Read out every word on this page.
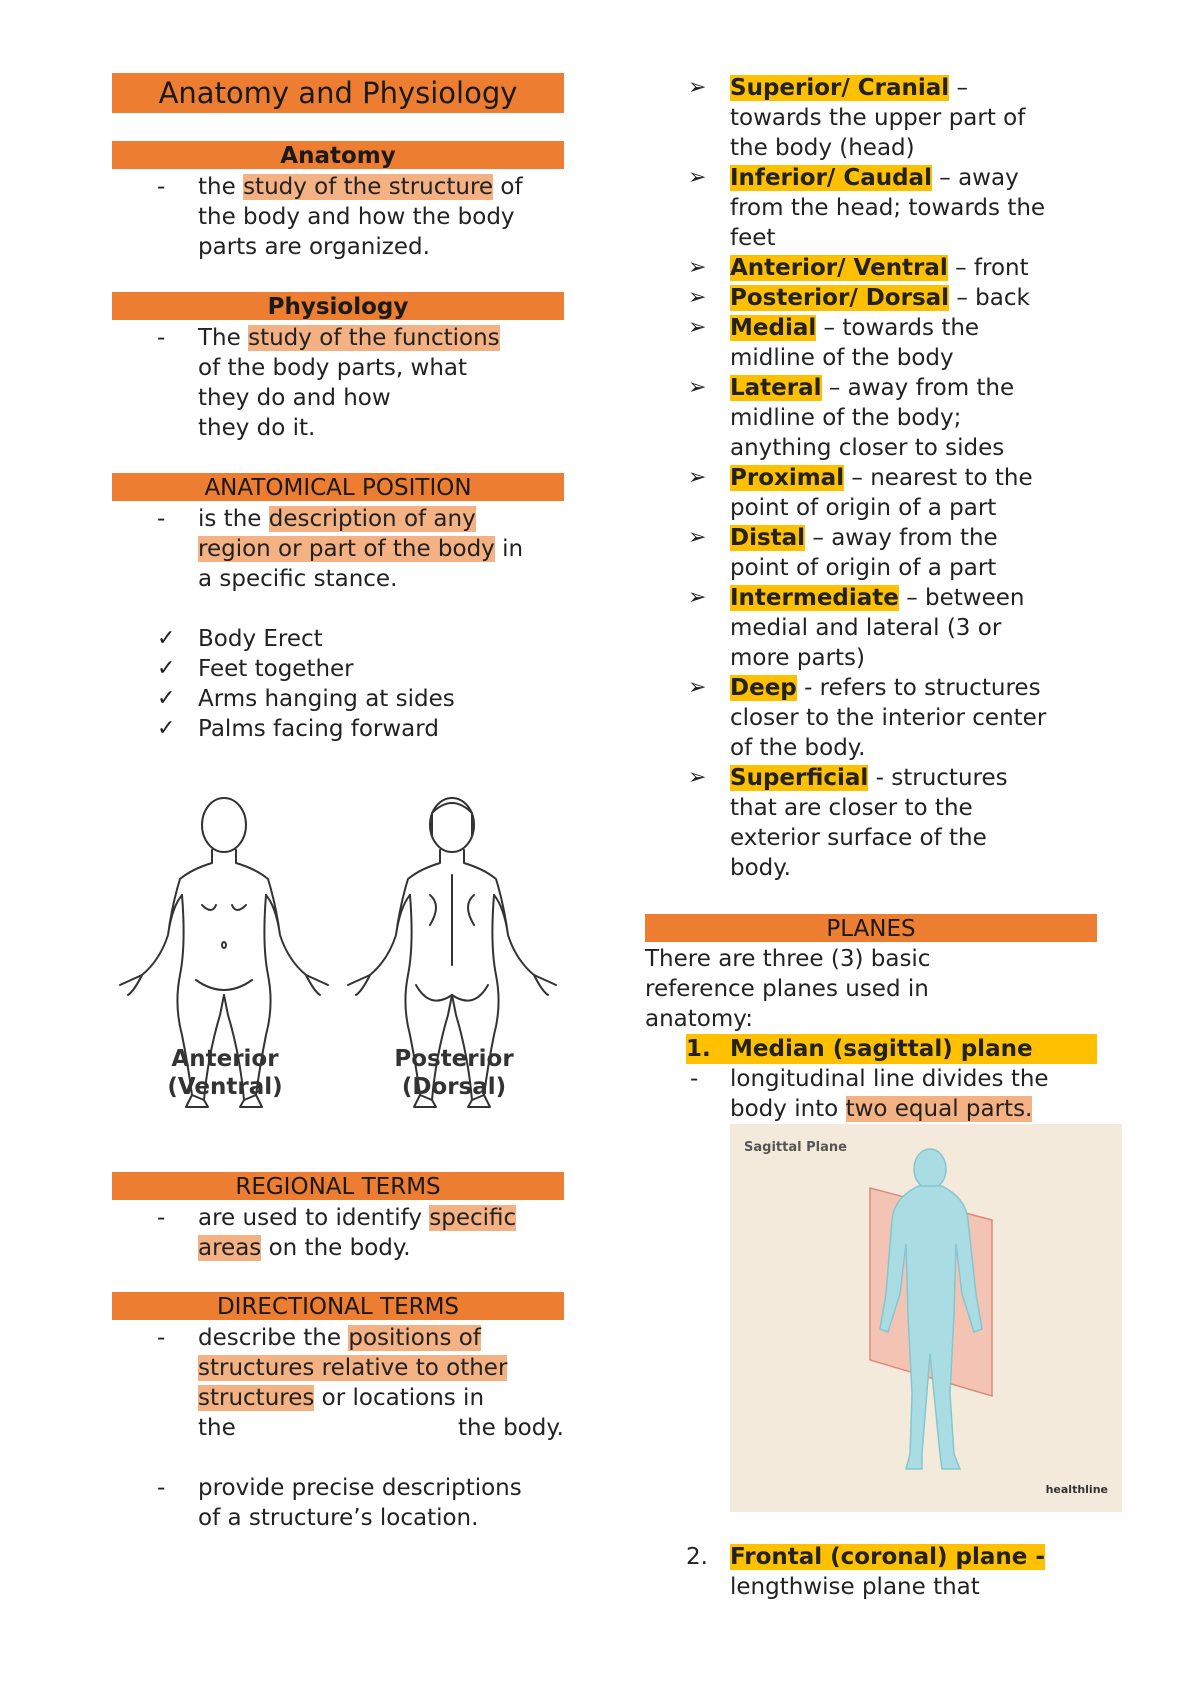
Anatomy and Physiology
Anatomy
- the study of the structure of
the body and how the body
parts are organized.
Physiology
- The study of the functions
of the body parts, what
they do and how
they do it.
ANATOMICAL POSITION
- is the description of any
region or part of the body in
a specific stance.
✓ Body Erect
✓ Feet together
✓ Arms hanging at sides
✓ Palms facing forward
Anterior
(Ventral)
Posterior
(Dorsal)
REGIONAL TERMS
- are used to identify specific
areas on the body.
DIRECTIONAL TERMS
- describe the positions of
structures relative to other
structures or locations in
the body.
the
- provide precise descriptions
of a structure’s location.
➢ Superior/ Cranial –
towards the upper part of
the body (head)
➢ Inferior/ Caudal – away
from the head; towards the
feet
➢ Anterior/ Ventral – front
➢ Posterior/ Dorsal – back
➢ Medial – towards the
midline of the body
➢ Lateral – away from the
midline of the body;
anything closer to sides
➢ Proximal – nearest to the
point of origin of a part
➢ Distal – away from the
point of origin of a part
➢ Intermediate – between
medial and lateral (3 or
more parts)
➢ Deep - refers to structures
closer to the interior center
of the body.
➢ Superficial - structures
that are closer to the
exterior surface of the
body.
PLANES
There are three (3) basic
reference planes used in
anatomy:
1. Median (sagittal) plane
- longitudinal line divides the
body into two equal parts.
Sagittal Plane
healthline
2. Frontal (coronal) plane -
lengthwise plane that
